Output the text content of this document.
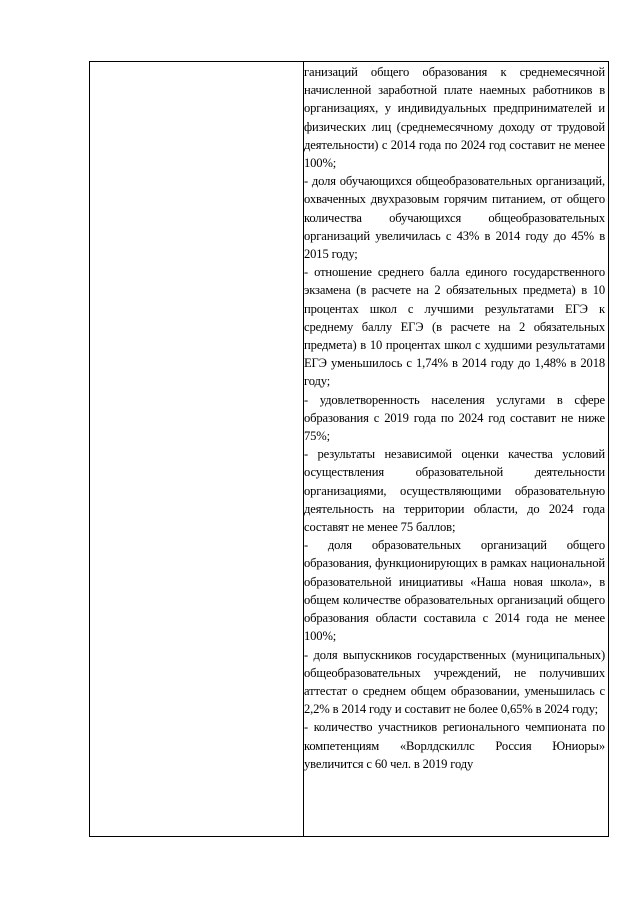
ганизаций общего образования к среднемесячной начисленной заработной плате наемных работников в организациях, у индивидуальных предпринимателей и физических лиц (среднемесячному доходу от трудовой деятельности) с 2014 года по 2024 год составит не менее 100%;

- доля обучающихся общеобразовательных организаций, охваченных двухразовым горячим питанием, от общего количества обучающихся общеобразовательных организаций увеличилась с 43% в 2014 году до 45% в 2015 году;

- отношение среднего балла единого государственного экзамена (в расчете на 2 обязательных предмета) в 10 процентах школ с лучшими результатами ЕГЭ к среднему баллу ЕГЭ (в расчете на 2 обязательных предмета) в 10 процентах школ с худшими результатами ЕГЭ уменьшилось с 1,74% в 2014 году до 1,48% в 2018 году;

- удовлетворенность населения услугами в сфере образования с 2019 года по 2024 год составит не ниже 75%;

- результаты независимой оценки качества условий осуществления образовательной деятельности организациями, осуществляющими образовательную деятельность на территории области, до 2024 года составят не менее 75 баллов;

- доля образовательных организаций общего образования, функционирующих в рамках национальной образовательной инициативы «Наша новая школа», в общем количестве образовательных организаций общего образования области составила с 2014 года не менее 100%;

- доля выпускников государственных (муниципальных) общеобразовательных учреждений, не получивших аттестат о среднем общем образовании, уменьшилась с 2,2% в 2014 году и составит не более 0,65% в 2024 году;

- количество участников регионального чемпионата по компетенциям «Ворлдскиллс Россия Юниоры» увеличится с 60 чел. в 2019 году
